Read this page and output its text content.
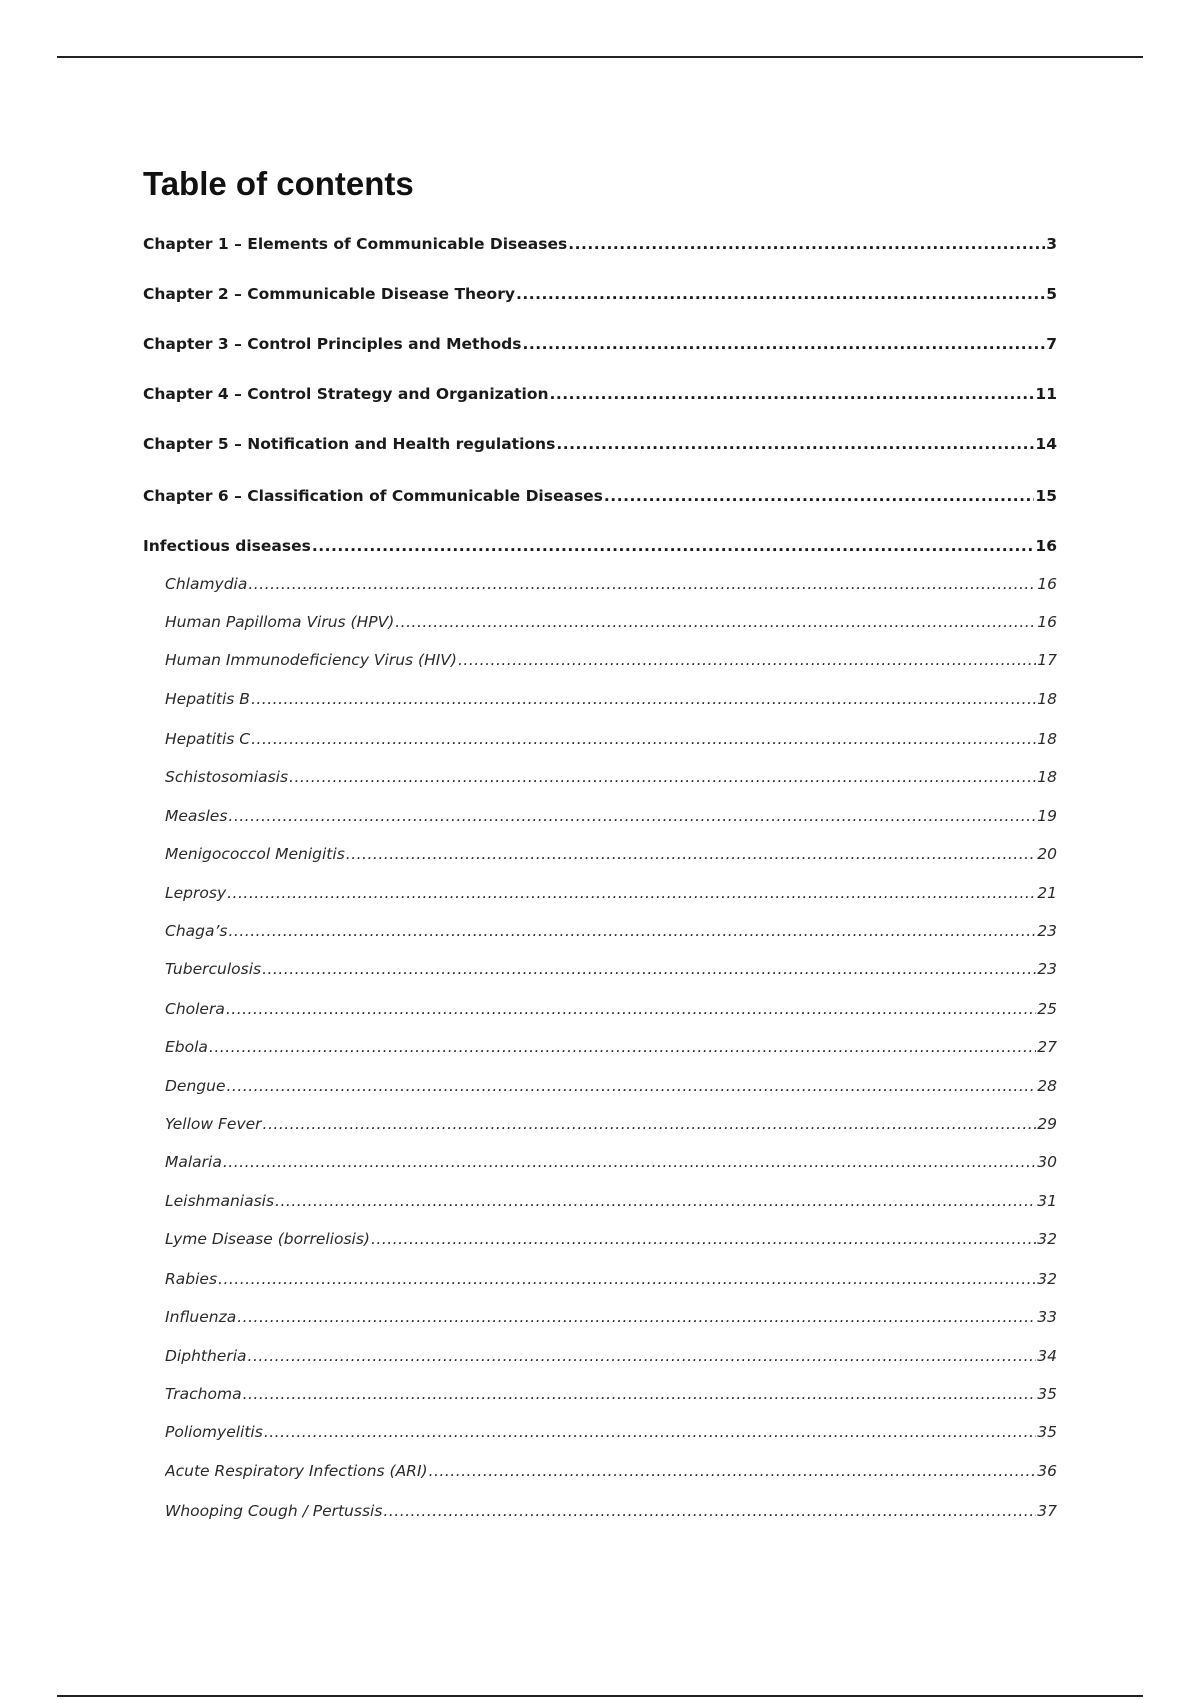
Table of contents
Chapter 1 – Elements of Communicable Diseases .....	3
Chapter 2 – Communicable Disease Theory .....	5
Chapter 3 – Control Principles and Methods .....	7
Chapter 4 – Control Strategy and Organization .....	11
Chapter 5 – Notification and Health regulations .....	14
Chapter 6 – Classification of Communicable Diseases .....	15
Infectious diseases .....	16
Chlamydia .....	16
Human Papilloma Virus (HPV) .....	16
Human Immunodeficiency Virus (HIV) .....	17
Hepatitis B .....	18
Hepatitis C .....	18
Schistosomiasis .....	18
Measles .....	19
Menigococcol Menigitis .....	20
Leprosy .....	21
Chaga’s .....	23
Tuberculosis .....	23
Cholera .....	25
Ebola .....	27
Dengue .....	28
Yellow Fever .....	29
Malaria .....	30
Leishmaniasis .....	31
Lyme Disease (borreliosis) .....	32
Rabies .....	32
Influenza .....	33
Diphtheria .....	34
Trachoma .....	35
Poliomyelitis .....	35
Acute Respiratory Infections (ARI) .....	36
Whooping Cough / Pertussis .....	37
